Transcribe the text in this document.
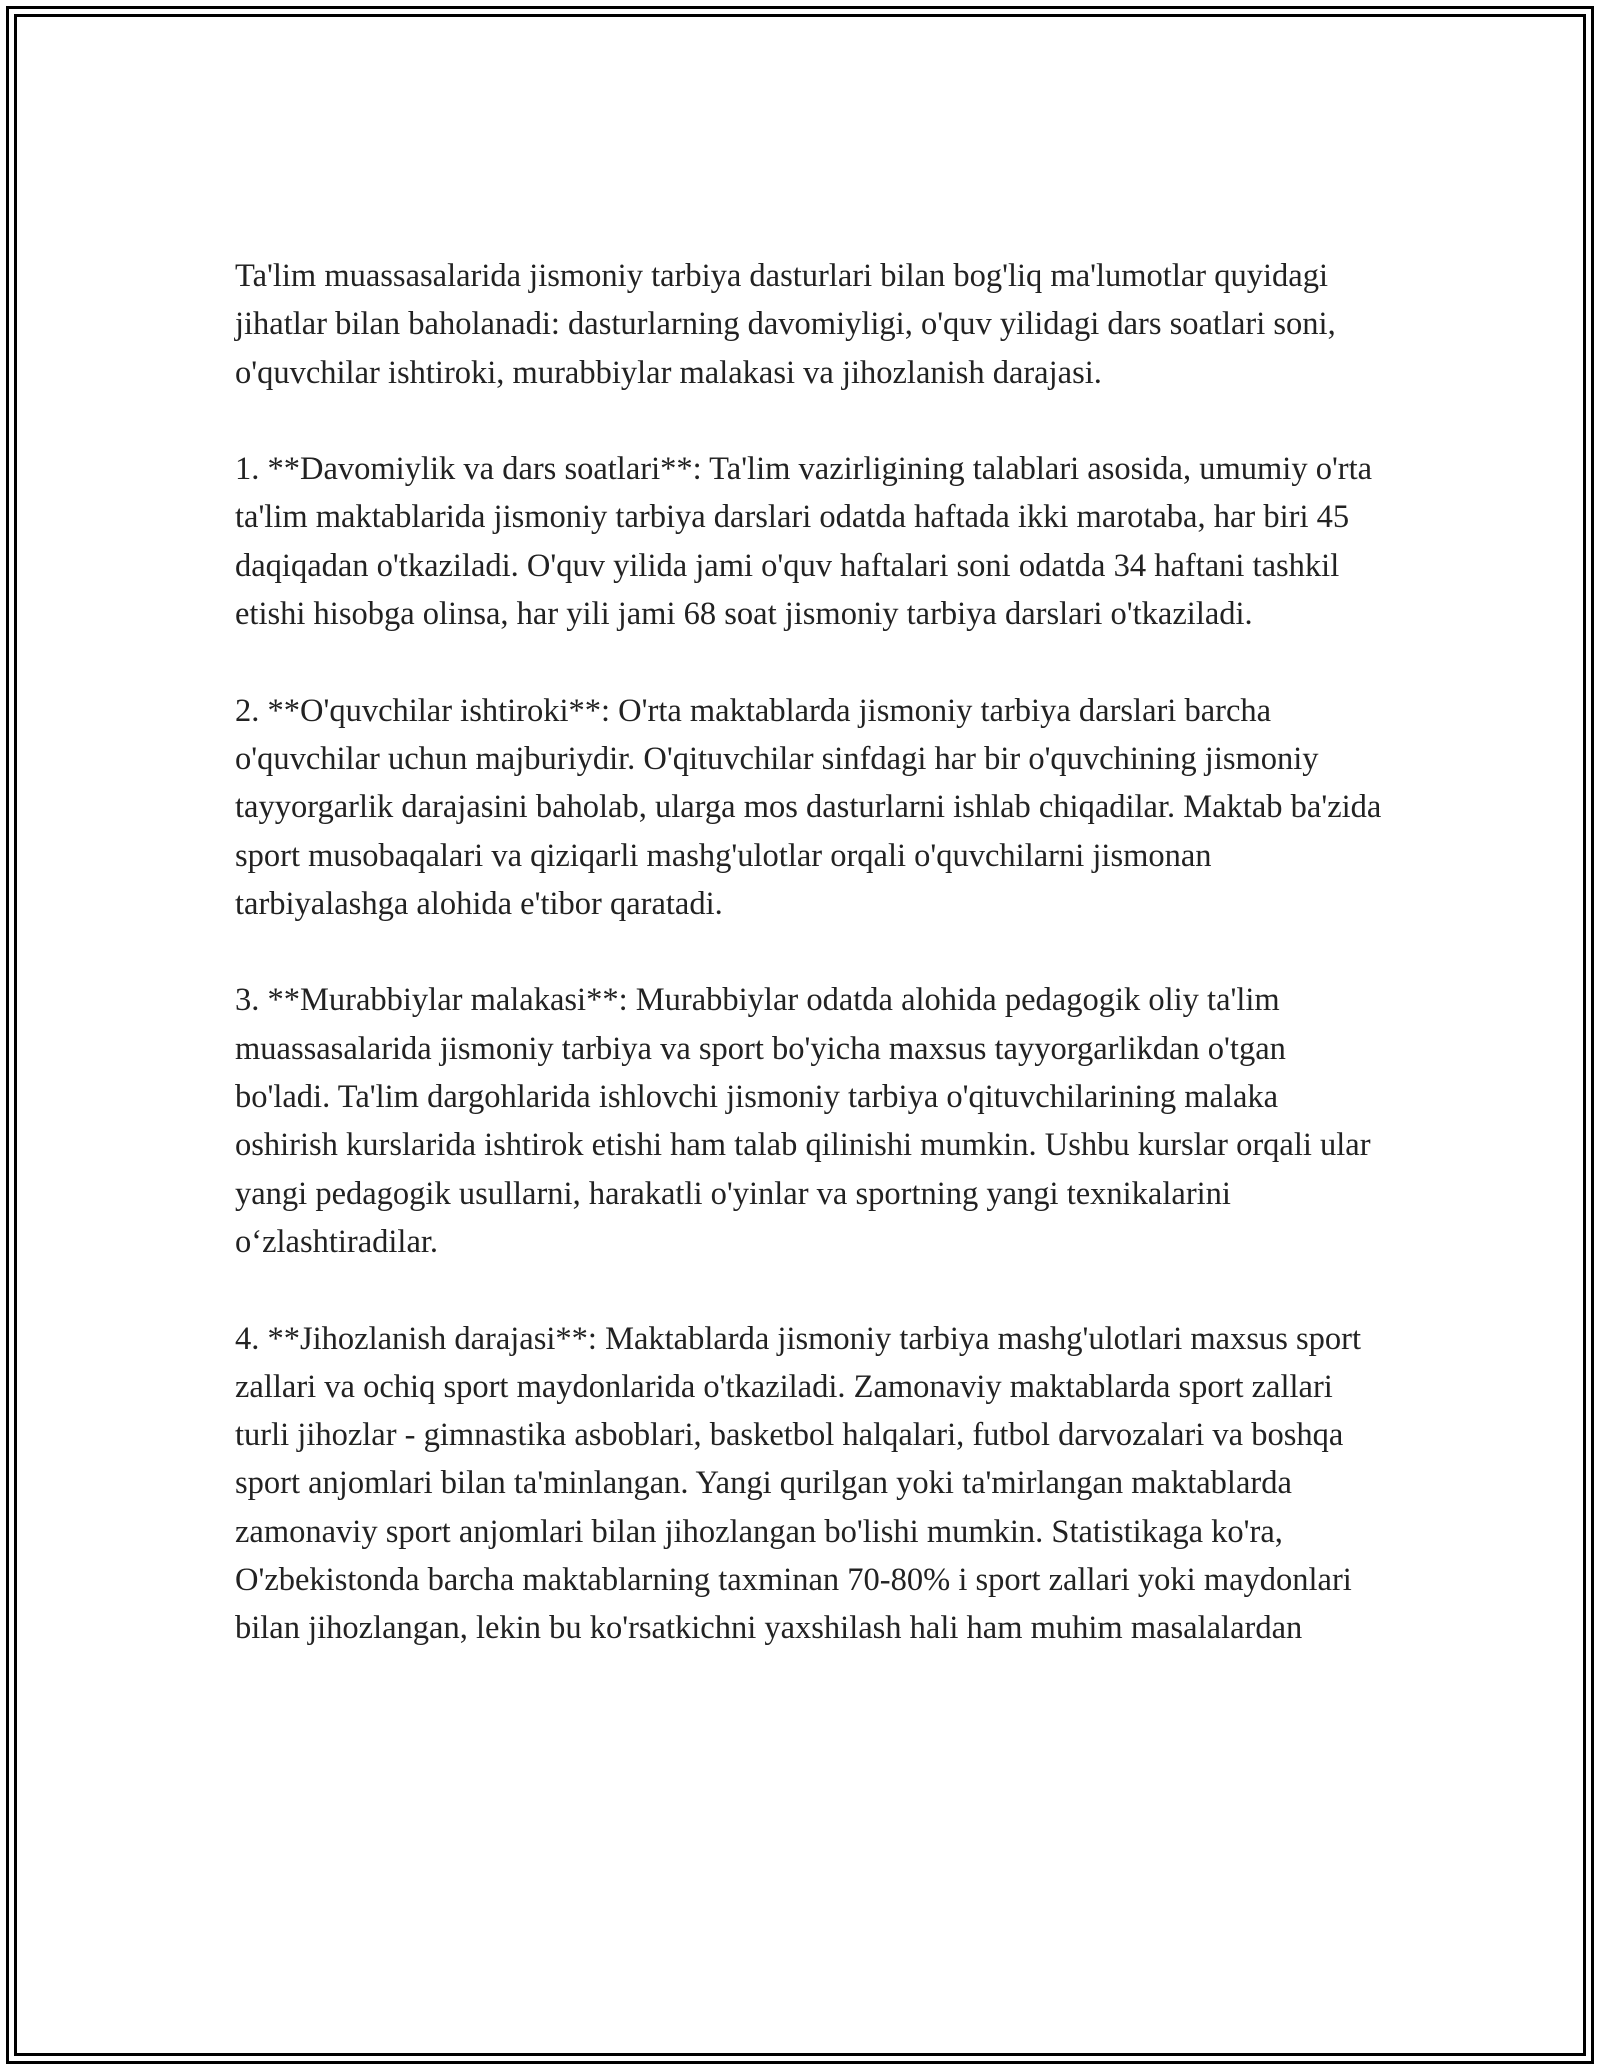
Ta'lim muassasalarida jismoniy tarbiya dasturlari bilan bog'liq ma'lumotlar quyidagi jihatlar bilan baholanadi: dasturlarning davomiyligi, o'quv yilidagi dars soatlari soni, o'quvchilar ishtiroki, murabbiylar malakasi va jihozlanish darajasi.

1. **Davomiylik va dars soatlari**: Ta'lim vazirligining talablari asosida, umumiy o'rta ta'lim maktablarida jismoniy tarbiya darslari odatda haftada ikki marotaba, har biri 45 daqiqadan o'tkaziladi. O'quv yilida jami o'quv haftalari soni odatda 34 haftani tashkil etishi hisobga olinsa, har yili jami 68 soat jismoniy tarbiya darslari o'tkaziladi.

2. **O'quvchilar ishtiroki**: O'rta maktablarda jismoniy tarbiya darslari barcha o'quvchilar uchun majburiydir. O'qituvchilar sinfdagi har bir o'quvchining jismoniy tayyorgarlik darajasini baholab, ularga mos dasturlarni ishlab chiqadilar. Maktab ba'zida sport musobaqalari va qiziqarli mashg'ulotlar orqali o'quvchilarni jismonan tarbiyalashga alohida e'tibor qaratadi.

3. **Murabbiylar malakasi**: Murabbiylar odatda alohida pedagogik oliy ta'lim muassasalarida jismoniy tarbiya va sport bo'yicha maxsus tayyorgarlikdan o'tgan bo'ladi. Ta'lim dargohlarida ishlovchi jismoniy tarbiya o'qituvchilarining malaka oshirish kurslarida ishtirok etishi ham talab qilinishi mumkin. Ushbu kurslar orqali ular yangi pedagogik usullarni, harakatli o'yinlar va sportning yangi texnikalarini o‘zlashtiradilar.

4. **Jihozlanish darajasi**: Maktablarda jismoniy tarbiya mashg'ulotlari maxsus sport zallari va ochiq sport maydonlarida o'tkaziladi. Zamonaviy maktablarda sport zallari turli jihozlar - gimnastika asboblari, basketbol halqalari, futbol darvozalari va boshqa sport anjomlari bilan ta'minlangan. Yangi qurilgan yoki ta'mirlangan maktablarda zamonaviy sport anjomlari bilan jihozlangan bo'lishi mumkin. Statistikaga ko'ra, O'zbekistonda barcha maktablarning taxminan 70-80% i sport zallari yoki maydonlari bilan jihozlangan, lekin bu ko'rsatkichni yaxshilash hali ham muhim masalalardan
